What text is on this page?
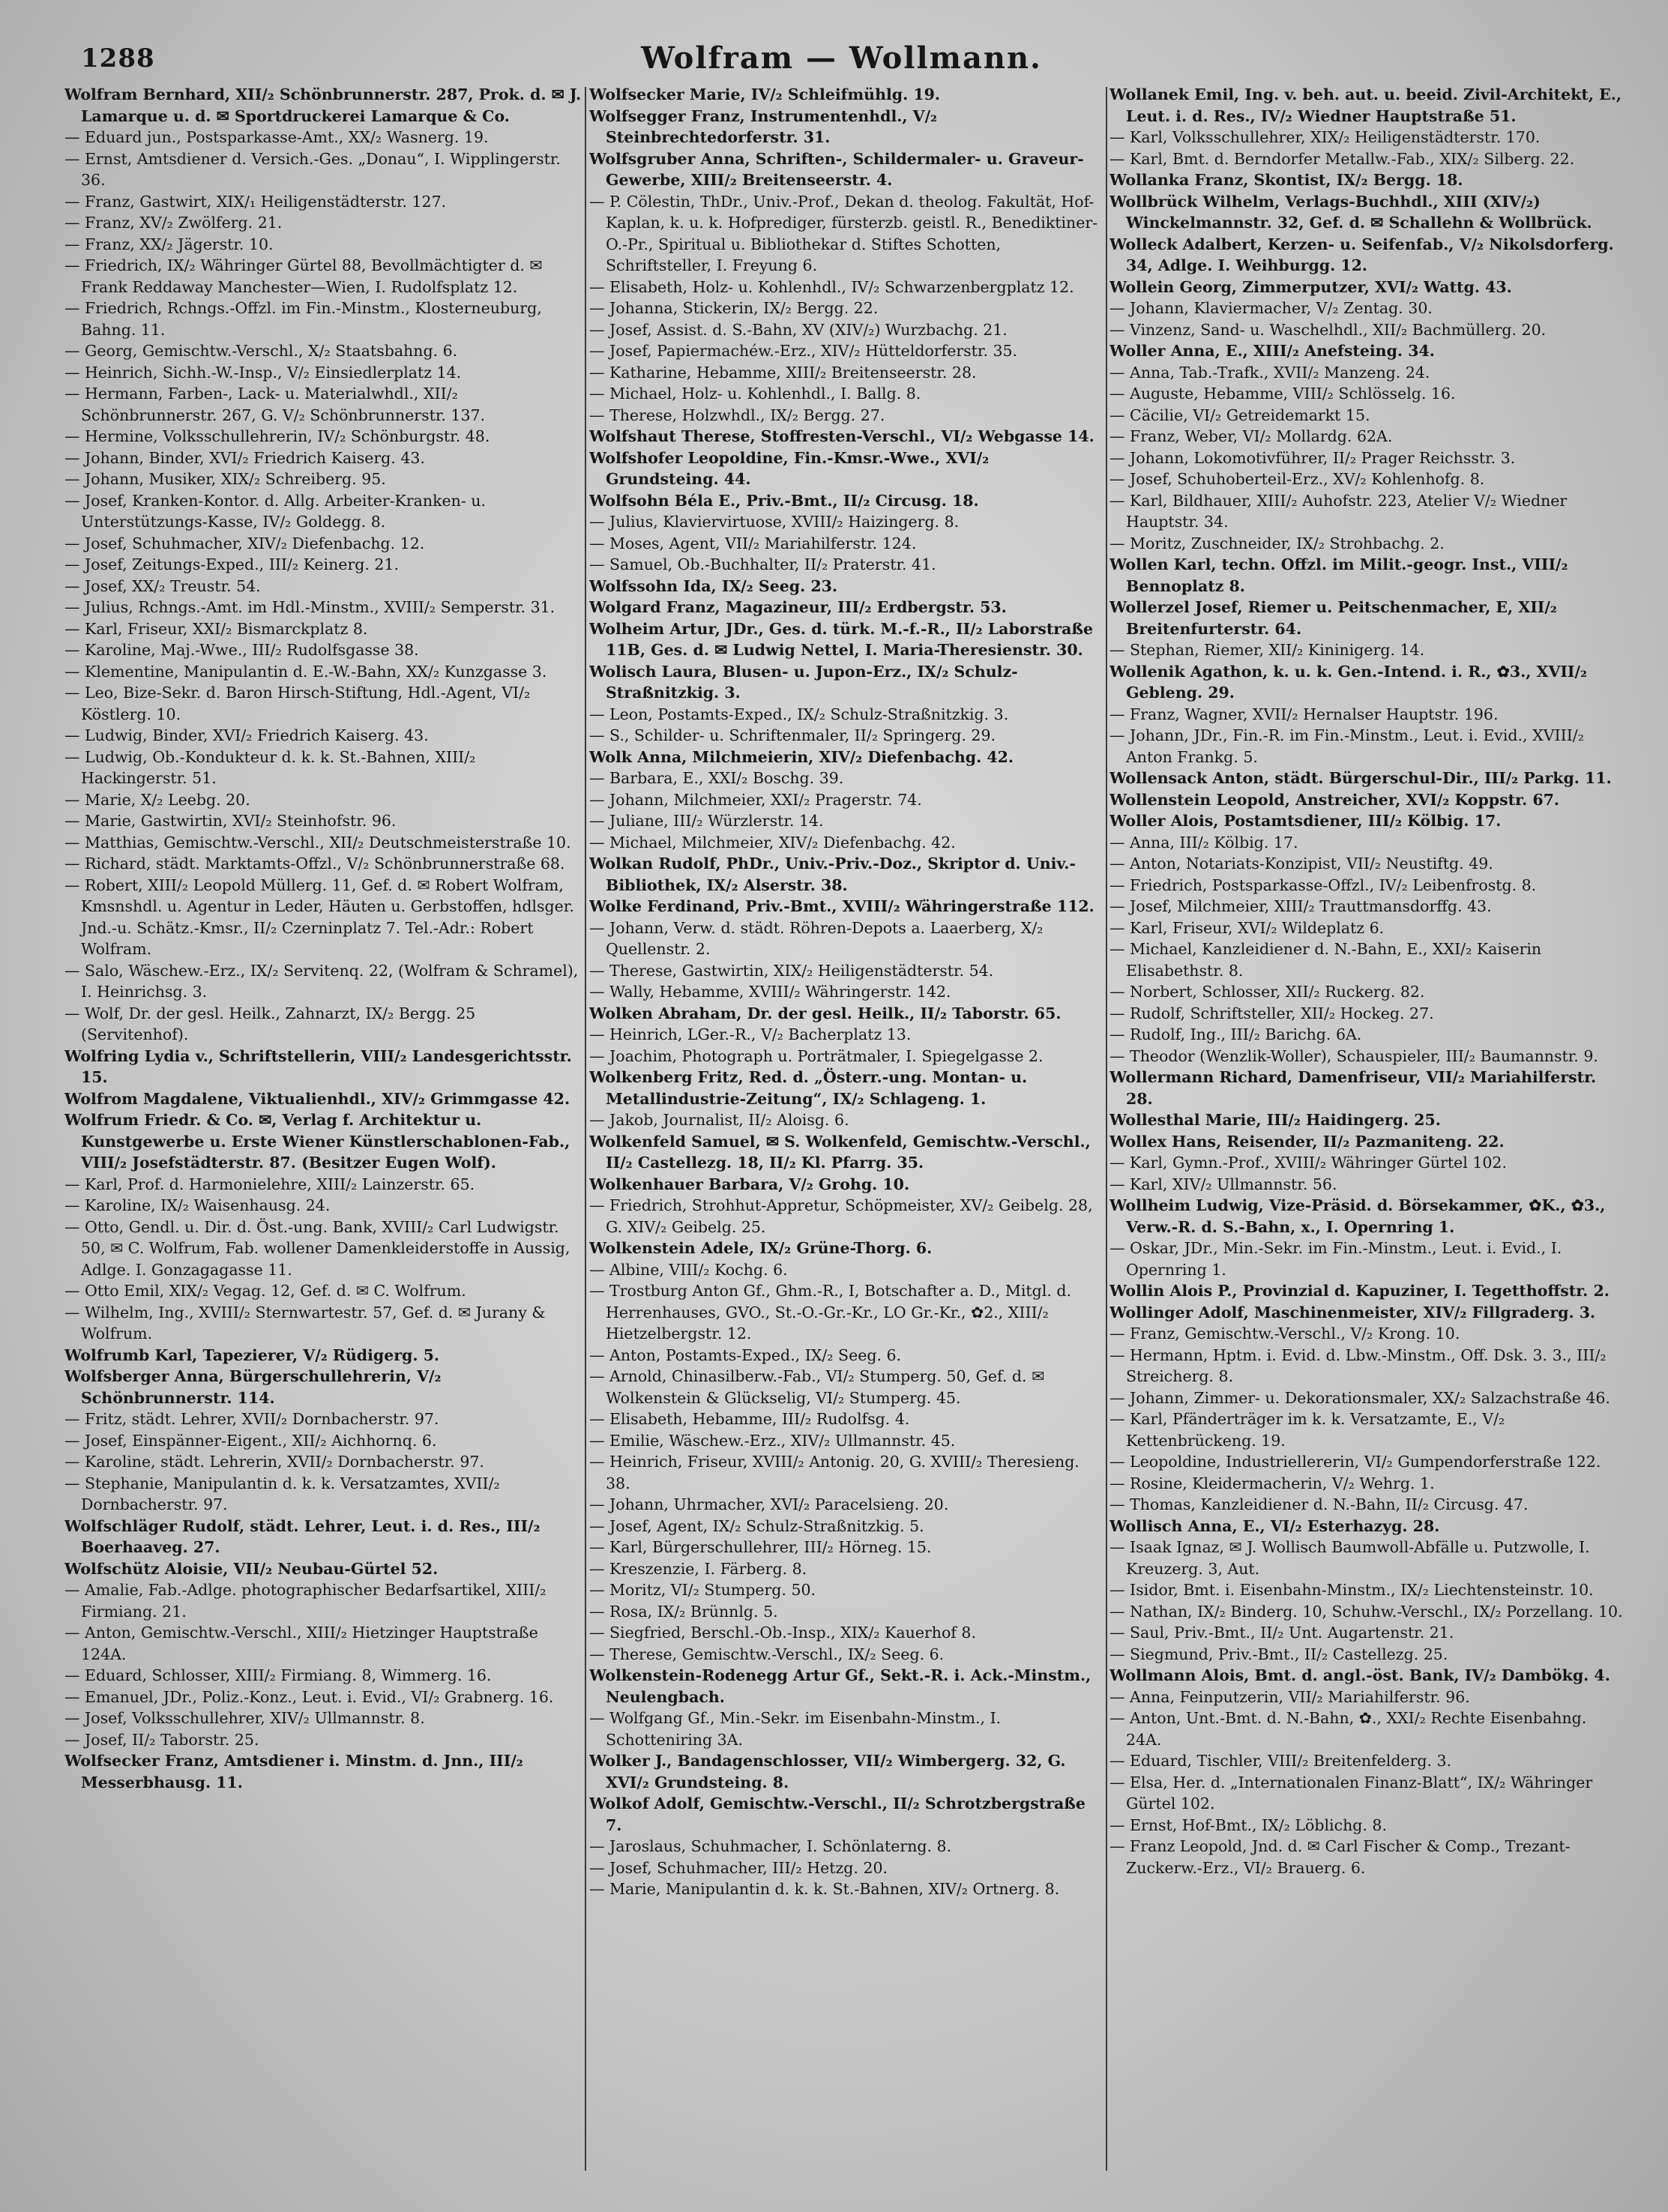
1288	Wolfram — Wollmann.

Wolfram Bernhard, XII/₂ Schönbrunnerstr. 287, Prok. d. ✉ J. Lamarque u. d. ✉ Sportdruckerei Lamarque & Co.

— Eduard jun., Postsparkasse-Amt., XX/₂ Wasnerg. 19.

— Ernst, Amtsdiener d. Versich.-Ges. „Donau“, I. Wipplingerstr. 36.

— Franz, Gastwirt, XIX/₁ Heiligenstädterstr. 127.

— Franz, XV/₂ Zwölferg. 21.

— Franz, XX/₂ Jägerstr. 10.

— Friedrich, IX/₂ Währinger Gürtel 88, Bevollmächtigter d. ✉ Frank Reddaway Manchester—Wien, I. Rudolfsplatz 12.

— Friedrich, Rchngs.-Offzl. im Fin.-Minstm., Klosterneuburg, Bahng. 11.

— Georg, Gemischtw.-Verschl., X/₂ Staatsbahng. 6.

— Heinrich, Sichh.-W.-Insp., V/₂ Einsiedlerplatz 14.

— Hermann, Farben-, Lack- u. Materialwhdl., XII/₂ Schönbrunnerstr. 267, G. V/₂ Schönbrunnerstr. 137.

— Hermine, Volksschullehrerin, IV/₂ Schönburgstr. 48.

— Johann, Binder, XVI/₂ Friedrich Kaiserg. 43.

— Johann, Musiker, XIX/₂ Schreiberg. 95.

— Josef, Kranken-Kontor. d. Allg. Arbeiter-Kranken- u. Unterstützungs-Kasse, IV/₂ Goldegg. 8.

— Josef, Schuhmacher, XIV/₂ Diefenbachg. 12.

— Josef, Zeitungs-Exped., III/₂ Keinerg. 21.

— Josef, XX/₂ Treustr. 54.

— Julius, Rchngs.-Amt. im Hdl.-Minstm., XVIII/₂ Semperstr. 31.

— Karl, Friseur, XXI/₂ Bismarckplatz 8.

— Karoline, Maj.-Wwe., III/₂ Rudolfsgasse 38.

— Klementine, Manipulantin d. E.-W.-Bahn, XX/₂ Kunzgasse 3.

— Leo, Bize-Sekr. d. Baron Hirsch-Stiftung, Hdl.-Agent, VI/₂ Köstlerg. 10.

— Ludwig, Binder, XVI/₂ Friedrich Kaiserg. 43.

— Ludwig, Ob.-Kondukteur d. k. k. St.-Bahnen, XIII/₂ Hackingerstr. 51.

— Marie, X/₂ Leebg. 20.

— Marie, Gastwirtin, XVI/₂ Steinhofstr. 96.

— Matthias, Gemischtw.-Verschl., XII/₂ Deutschmeisterstraße 10.

— Richard, städt. Marktamts-Offzl., V/₂ Schönbrunnerstraße 68.

— Robert, XIII/₂ Leopold Müllerg. 11, Gef. d. ✉ Robert Wolfram, Kmsnshdl. u. Agentur in Leder, Häuten u. Gerbstoffen, hdlsger. Jnd.-u. Schätz.-Kmsr., II/₂ Czerninplatz 7. Tel.-Adr.: Robert Wolfram.

— Salo, Wäschew.-Erz., IX/₂ Servitenq. 22, (Wolfram & Schramel), I. Heinrichsg. 3.

— Wolf, Dr. der gesl. Heilk., Zahnarzt, IX/₂ Bergg. 25 (Servitenhof).

Wolfring Lydia v., Schriftstellerin, VIII/₂ Landesgerichtsstr. 15.

Wolfrom Magdalene, Viktualienhdl., XIV/₂ Grimmgasse 42.

Wolfrum Friedr. & Co. ✉, Verlag f. Architektur u. Kunstgewerbe u. Erste Wiener Künstlerschablonen-Fab., VIII/₂ Josefstädterstr. 87. (Besitzer Eugen Wolf).

— Karl, Prof. d. Harmonielehre, XIII/₂ Lainzerstr. 65.

— Karoline, IX/₂ Waisenhausg. 24.

— Otto, Gendl. u. Dir. d. Öst.-ung. Bank, XVIII/₂ Carl Ludwigstr. 50, ✉ C. Wolfrum, Fab. wollener Damenkleiderstoffe in Aussig, Adlge. I. Gonzagagasse 11.

— Otto Emil, XIX/₂ Vegag. 12, Gef. d. ✉ C. Wolfrum.

— Wilhelm, Ing., XVIII/₂ Sternwartestr. 57, Gef. d. ✉ Jurany & Wolfrum.

Wolfrumb Karl, Tapezierer, V/₂ Rüdigerg. 5.

Wolfsberger Anna, Bürgerschullehrerin, V/₂ Schönbrunnerstr. 114.

— Fritz, städt. Lehrer, XVII/₂ Dornbacherstr. 97.

— Josef, Einspänner-Eigent., XII/₂ Aichhornq. 6.

— Karoline, städt. Lehrerin, XVII/₂ Dornbacherstr. 97.

— Stephanie, Manipulantin d. k. k. Versatzamtes, XVII/₂ Dornbacherstr. 97.

Wolfschläger Rudolf, städt. Lehrer, Leut. i. d. Res., III/₂ Boerhaaveg. 27.

Wolfschütz Aloisie, VII/₂ Neubau-Gürtel 52.

— Amalie, Fab.-Adlge. photographischer Bedarfsartikel, XIII/₂ Firmiang. 21.

— Anton, Gemischtw.-Verschl., XIII/₂ Hietzinger Hauptstraße 124A.

— Eduard, Schlosser, XIII/₂ Firmiang. 8, Wimmerg. 16.

— Emanuel, JDr., Poliz.-Konz., Leut. i. Evid., VI/₂ Grabnerg. 16.

— Josef, Volksschullehrer, XIV/₂ Ullmannstr. 8.

— Josef, II/₂ Taborstr. 25.

Wolfsecker Franz, Amtsdiener i. Minstm. d. Jnn., III/₂ Messerbhausg. 11.

Wolfsecker Marie, IV/₂ Schleifmühlg. 19.

Wolfsegger Franz, Instrumentenhdl., V/₂ Steinbrechtedorferstr. 31.

Wolfsgruber Anna, Schriften-, Schildermaler- u. Graveur-Gewerbe, XIII/₂ Breitenseerstr. 4.

— P. Cölestin, ThDr., Univ.-Prof., Dekan d. theolog. Fakultät, Hof-Kaplan, k. u. k. Hofprediger, fürsterzb. geistl. R., Benediktiner-O.-Pr., Spiritual u. Bibliothekar d. Stiftes Schotten, Schriftsteller, I. Freyung 6.

— Elisabeth, Holz- u. Kohlenhdl., IV/₂ Schwarzenbergplatz 12.

— Johanna, Stickerin, IX/₂ Bergg. 22.

— Josef, Assist. d. S.-Bahn, XV (XIV/₂) Wurzbachg. 21.

— Josef, Papiermachéw.-Erz., XIV/₂ Hütteldorferstr. 35.

— Katharine, Hebamme, XIII/₂ Breitenseerstr. 28.

— Michael, Holz- u. Kohlenhdl., I. Ballg. 8.

— Therese, Holzwhdl., IX/₂ Bergg. 27.

Wolfshaut Therese, Stoffresten-Verschl., VI/₂ Webgasse 14.

Wolfshofer Leopoldine, Fin.-Kmsr.-Wwe., XVI/₂ Grundsteing. 44.

Wolfsohn Béla E., Priv.-Bmt., II/₂ Circusg. 18.

— Julius, Klaviervirtuose, XVIII/₂ Haizingerg. 8.

— Moses, Agent, VII/₂ Mariahilferstr. 124.

— Samuel, Ob.-Buchhalter, II/₂ Praterstr. 41.

Wolfssohn Ida, IX/₂ Seeg. 23.

Wolgard Franz, Magazineur, III/₂ Erdbergstr. 53.

Wolheim Artur, JDr., Ges. d. türk. M.-f.-R., II/₂ Laborstraße 11B, Ges. d. ✉ Ludwig Nettel, I. Maria-Theresienstr. 30.

Wolisch Laura, Blusen- u. Jupon-Erz., IX/₂ Schulz-Straßnitzkig. 3.

— Leon, Postamts-Exped., IX/₂ Schulz-Straßnitzkig. 3.

— S., Schilder- u. Schriftenmaler, II/₂ Springerg. 29.

Wolk Anna, Milchmeierin, XIV/₂ Diefenbachg. 42.

— Barbara, E., XXI/₂ Boschg. 39.

— Johann, Milchmeier, XXI/₂ Pragerstr. 74.

— Juliane, III/₂ Würzlerstr. 14.

— Michael, Milchmeier, XIV/₂ Diefenbachg. 42.

Wolkan Rudolf, PhDr., Univ.-Priv.-Doz., Skriptor d. Univ.-Bibliothek, IX/₂ Alserstr. 38.

Wolke Ferdinand, Priv.-Bmt., XVIII/₂ Währingerstraße 112.

— Johann, Verw. d. städt. Röhren-Depots a. Laaerberg, X/₂ Quellenstr. 2.

— Therese, Gastwirtin, XIX/₂ Heiligenstädterstr. 54.

— Wally, Hebamme, XVIII/₂ Währingerstr. 142.

Wolken Abraham, Dr. der gesl. Heilk., II/₂ Taborstr. 65.

— Heinrich, LGer.-R., V/₂ Bacherplatz 13.

— Joachim, Photograph u. Porträtmaler, I. Spiegelgasse 2.

Wolkenberg Fritz, Red. d. „Österr.-ung. Montan- u. Metallindustrie-Zeitung“, IX/₂ Schlageng. 1.

— Jakob, Journalist, II/₂ Aloisg. 6.

Wolkenfeld Samuel, ✉ S. Wolkenfeld, Gemischtw.-Verschl., II/₂ Castellezg. 18, II/₂ Kl. Pfarrg. 35.

Wolkenhauer Barbara, V/₂ Grohg. 10.

— Friedrich, Strohhut-Appretur, Schöpmeister, XV/₂ Geibelg. 28, G. XIV/₂ Geibelg. 25.

Wolkenstein Adele, IX/₂ Grüne-Thorg. 6.

— Albine, VIII/₂ Kochg. 6.

— Trostburg Anton Gf., Ghm.-R., I, Botschafter a. D., Mitgl. d. Herrenhauses, GVO., St.-O.-Gr.-Kr., LO Gr.-Kr., ✿2., XIII/₂ Hietzelbergstr. 12.

— Anton, Postamts-Exped., IX/₂ Seeg. 6.

— Arnold, Chinasilberw.-Fab., VI/₂ Stumperg. 50, Gef. d. ✉ Wolkenstein & Glückselig, VI/₂ Stumperg. 45.

— Elisabeth, Hebamme, III/₂ Rudolfsg. 4.

— Emilie, Wäschew.-Erz., XIV/₂ Ullmannstr. 45.

— Heinrich, Friseur, XVIII/₂ Antonig. 20, G. XVIII/₂ Theresieng. 38.

— Johann, Uhrmacher, XVI/₂ Paracelsieng. 20.

— Josef, Agent, IX/₂ Schulz-Straßnitzkig. 5.

— Karl, Bürgerschullehrer, III/₂ Hörneg. 15.

— Kreszenzie, I. Färberg. 8.

— Moritz, VI/₂ Stumperg. 50.

— Rosa, IX/₂ Brünnlg. 5.

— Siegfried, Berschl.-Ob.-Insp., XIX/₂ Kauerhof 8.

— Therese, Gemischtw.-Verschl., IX/₂ Seeg. 6.

Wolkenstein-Rodenegg Artur Gf., Sekt.-R. i. Ack.-Minstm., Neulengbach.

— Wolfgang Gf., Min.-Sekr. im Eisenbahn-Minstm., I. Schotteniring 3A.

Wolker J., Bandagenschlosser, VII/₂ Wimbergerg. 32, G. XVI/₂ Grundsteing. 8.

Wolkof Adolf, Gemischtw.-Verschl., II/₂ Schrotzbergstraße 7.

— Jaroslaus, Schuhmacher, I. Schönlaterng. 8.

— Josef, Schuhmacher, III/₂ Hetzg. 20.

— Marie, Manipulantin d. k. k. St.-Bahnen, XIV/₂ Ortnerg. 8.

Wollanek Emil, Ing. v. beh. aut. u. beeid. Zivil-Architekt, E., Leut. i. d. Res., IV/₂ Wiedner Hauptstraße 51.

— Karl, Volksschullehrer, XIX/₂ Heiligenstädterstr. 170.

— Karl, Bmt. d. Berndorfer Metallw.-Fab., XIX/₂ Silberg. 22.

Wollanka Franz, Skontist, IX/₂ Bergg. 18.

Wollbrück Wilhelm, Verlags-Buchhdl., XIII (XIV/₂) Winckelmannstr. 32, Gef. d. ✉ Schallehn & Wollbrück.

Wolleck Adalbert, Kerzen- u. Seifenfab., V/₂ Nikolsdorferg. 34, Adlge. I. Weihburgg. 12.

Wollein Georg, Zimmerputzer, XVI/₂ Wattg. 43.

— Johann, Klaviermacher, V/₂ Zentag. 30.

— Vinzenz, Sand- u. Waschelhdl., XII/₂ Bachmüllerg. 20.

Woller Anna, E., XIII/₂ Anefsteing. 34.

— Anna, Tab.-Trafk., XVII/₂ Manzeng. 24.

— Auguste, Hebamme, VIII/₂ Schlösselg. 16.

— Cäcilie, VI/₂ Getreidemarkt 15.

— Franz, Weber, VI/₂ Mollardg. 62A.

— Johann, Lokomotivführer, II/₂ Prager Reichsstr. 3.

— Josef, Schuhoberteil-Erz., XV/₂ Kohlenhofg. 8.

— Karl, Bildhauer, XIII/₂ Auhofstr. 223, Atelier V/₂ Wiedner Hauptstr. 34.

— Moritz, Zuschneider, IX/₂ Strohbachg. 2.

Wollen Karl, techn. Offzl. im Milit.-geogr. Inst., VIII/₂ Bennoplatz 8.

Wollerzel Josef, Riemer u. Peitschenmacher, E, XII/₂ Breitenfurterstr. 64.

— Stephan, Riemer, XII/₂ Kininigerg. 14.

Wollenik Agathon, k. u. k. Gen.-Intend. i. R., ✿3., XVII/₂ Gebleng. 29.

— Franz, Wagner, XVII/₂ Hernalser Hauptstr. 196.

— Johann, JDr., Fin.-R. im Fin.-Minstm., Leut. i. Evid., XVIII/₂ Anton Frankg. 5.

Wollensack Anton, städt. Bürgerschul-Dir., III/₂ Parkg. 11.

Wollenstein Leopold, Anstreicher, XVI/₂ Koppstr. 67.

Woller Alois, Postamtsdiener, III/₂ Kölbig. 17.

— Anna, III/₂ Kölbig. 17.

— Anton, Notariats-Konzipist, VII/₂ Neustiftg. 49.

— Friedrich, Postsparkasse-Offzl., IV/₂ Leibenfrostg. 8.

— Josef, Milchmeier, XIII/₂ Trauttmansdorffg. 43.

— Karl, Friseur, XVI/₂ Wildeplatz 6.

— Michael, Kanzleidiener d. N.-Bahn, E., XXI/₂ Kaiserin Elisabethstr. 8.

— Norbert, Schlosser, XII/₂ Ruckerg. 82.

— Rudolf, Schriftsteller, XII/₂ Hockeg. 27.

— Rudolf, Ing., III/₂ Barichg. 6A.

— Theodor (Wenzlik-Woller), Schauspieler, III/₂ Baumannstr. 9.

Wollermann Richard, Damenfriseur, VII/₂ Mariahilferstr. 28.

Wollesthal Marie, III/₂ Haidingerg. 25.

Wollex Hans, Reisender, II/₂ Pazmaniteng. 22.

— Karl, Gymn.-Prof., XVIII/₂ Währinger Gürtel 102.

— Karl, XIV/₂ Ullmannstr. 56.

Wollheim Ludwig, Vize-Präsid. d. Börsekammer, ✿K., ✿3., Verw.-R. d. S.-Bahn, x., I. Opernring 1.

— Oskar, JDr., Min.-Sekr. im Fin.-Minstm., Leut. i. Evid., I. Opernring 1.

Wollin Alois P., Provinzial d. Kapuziner, I. Tegetthoffstr. 2.

Wollinger Adolf, Maschinenmeister, XIV/₂ Fillgraderg. 3.

— Franz, Gemischtw.-Verschl., V/₂ Krong. 10.

— Hermann, Hptm. i. Evid. d. Lbw.-Minstm., Off. Dsk. 3. 3., III/₂ Streicherg. 8.

— Johann, Zimmer- u. Dekorationsmaler, XX/₂ Salzachstraße 46.

— Karl, Pfänderträger im k. k. Versatzamte, E., V/₂ Kettenbrückeng. 19.

— Leopoldine, Industriellererin, VI/₂ Gumpendorferstraße 122.

— Rosine, Kleidermacherin, V/₂ Wehrg. 1.

— Thomas, Kanzleidiener d. N.-Bahn, II/₂ Circusg. 47.

Wollisch Anna, E., VI/₂ Esterhazyg. 28.

— Isaak Ignaz, ✉ J. Wollisch Baumwoll-Abfälle u. Putzwolle, I. Kreuzerg. 3, Aut.

— Isidor, Bmt. i. Eisenbahn-Minstm., IX/₂ Liechtensteinstr. 10.

— Nathan, IX/₂ Binderg. 10, Schuhw.-Verschl., IX/₂ Porzellang. 10.

— Saul, Priv.-Bmt., II/₂ Unt. Augartenstr. 21.

— Siegmund, Priv.-Bmt., II/₂ Castellezg. 25.

Wollmann Alois, Bmt. d. angl.-öst. Bank, IV/₂ Dambökg. 4.

— Anna, Feinputzerin, VII/₂ Mariahilferstr. 96.

— Anton, Unt.-Bmt. d. N.-Bahn, ✿., XXI/₂ Rechte Eisenbahng. 24A.

— Eduard, Tischler, VIII/₂ Breitenfelderg. 3.

— Elsa, Her. d. „Internationalen Finanz-Blatt“, IX/₂ Währinger Gürtel 102.

— Ernst, Hof-Bmt., IX/₂ Löblichg. 8.

— Franz Leopold, Jnd. d. ✉ Carl Fischer & Comp., Trezant-Zuckerw.-Erz., VI/₂ Brauerg. 6.
